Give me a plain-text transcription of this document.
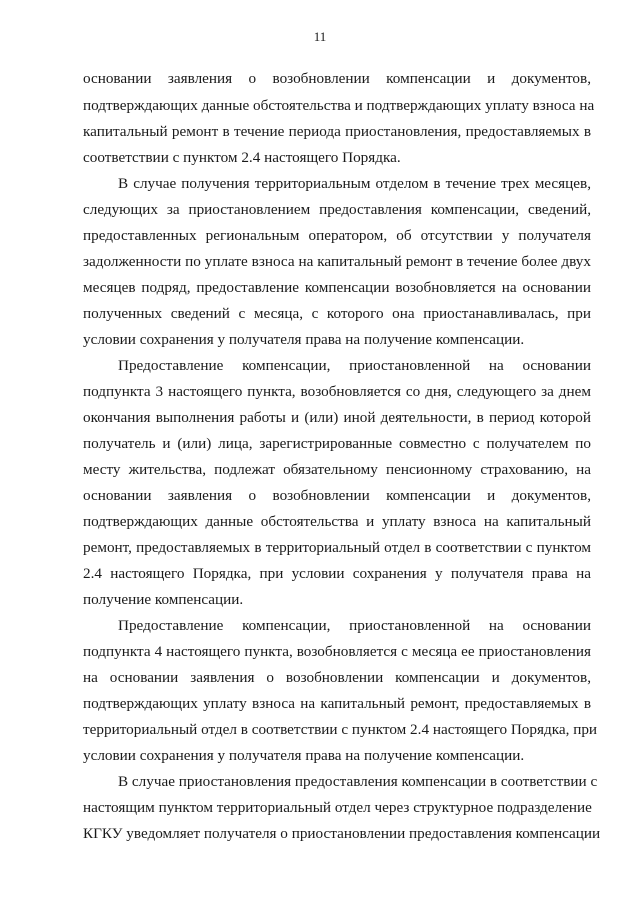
11
основании заявления о возобновлении компенсации и документов,
подтверждающих данные обстоятельства и подтверждающих уплату взноса на
капитальный ремонт в течение периода приостановления, предоставляемых в
соответствии с пунктом 2.4 настоящего Порядка.
В случае получения территориальным отделом в течение трех месяцев,
следующих за приостановлением предоставления компенсации, сведений,
предоставленных региональным оператором, об отсутствии у получателя
задолженности по уплате взноса на капитальный ремонт в течение более двух
месяцев подряд, предоставление компенсации возобновляется на основании
полученных сведений с месяца, с которого она приостанавливалась, при
условии сохранения у получателя права на получение компенсации.
Предоставление компенсации, приостановленной на основании
подпункта 3 настоящего пункта, возобновляется со дня, следующего за днем
окончания выполнения работы и (или) иной деятельности, в период которой
получатель и (или) лица, зарегистрированные совместно с получателем по
месту жительства, подлежат обязательному пенсионному страхованию, на
основании заявления о возобновлении компенсации и документов,
подтверждающих данные обстоятельства и уплату взноса на капитальный
ремонт, предоставляемых в территориальный отдел в соответствии с пунктом
2.4 настоящего Порядка, при условии сохранения у получателя права на
получение компенсации.
Предоставление компенсации, приостановленной на основании
подпункта 4 настоящего пункта, возобновляется с месяца ее приостановления
на основании заявления о возобновлении компенсации и документов,
подтверждающих уплату взноса на капитальный ремонт, предоставляемых в
территориальный отдел в соответствии с пунктом 2.4 настоящего Порядка, при
условии сохранения у получателя права на получение компенсации.
В случае приостановления предоставления компенсации в соответствии с
настоящим пунктом территориальный отдел через структурное подразделение
КГКУ уведомляет получателя о приостановлении предоставления компенсации
